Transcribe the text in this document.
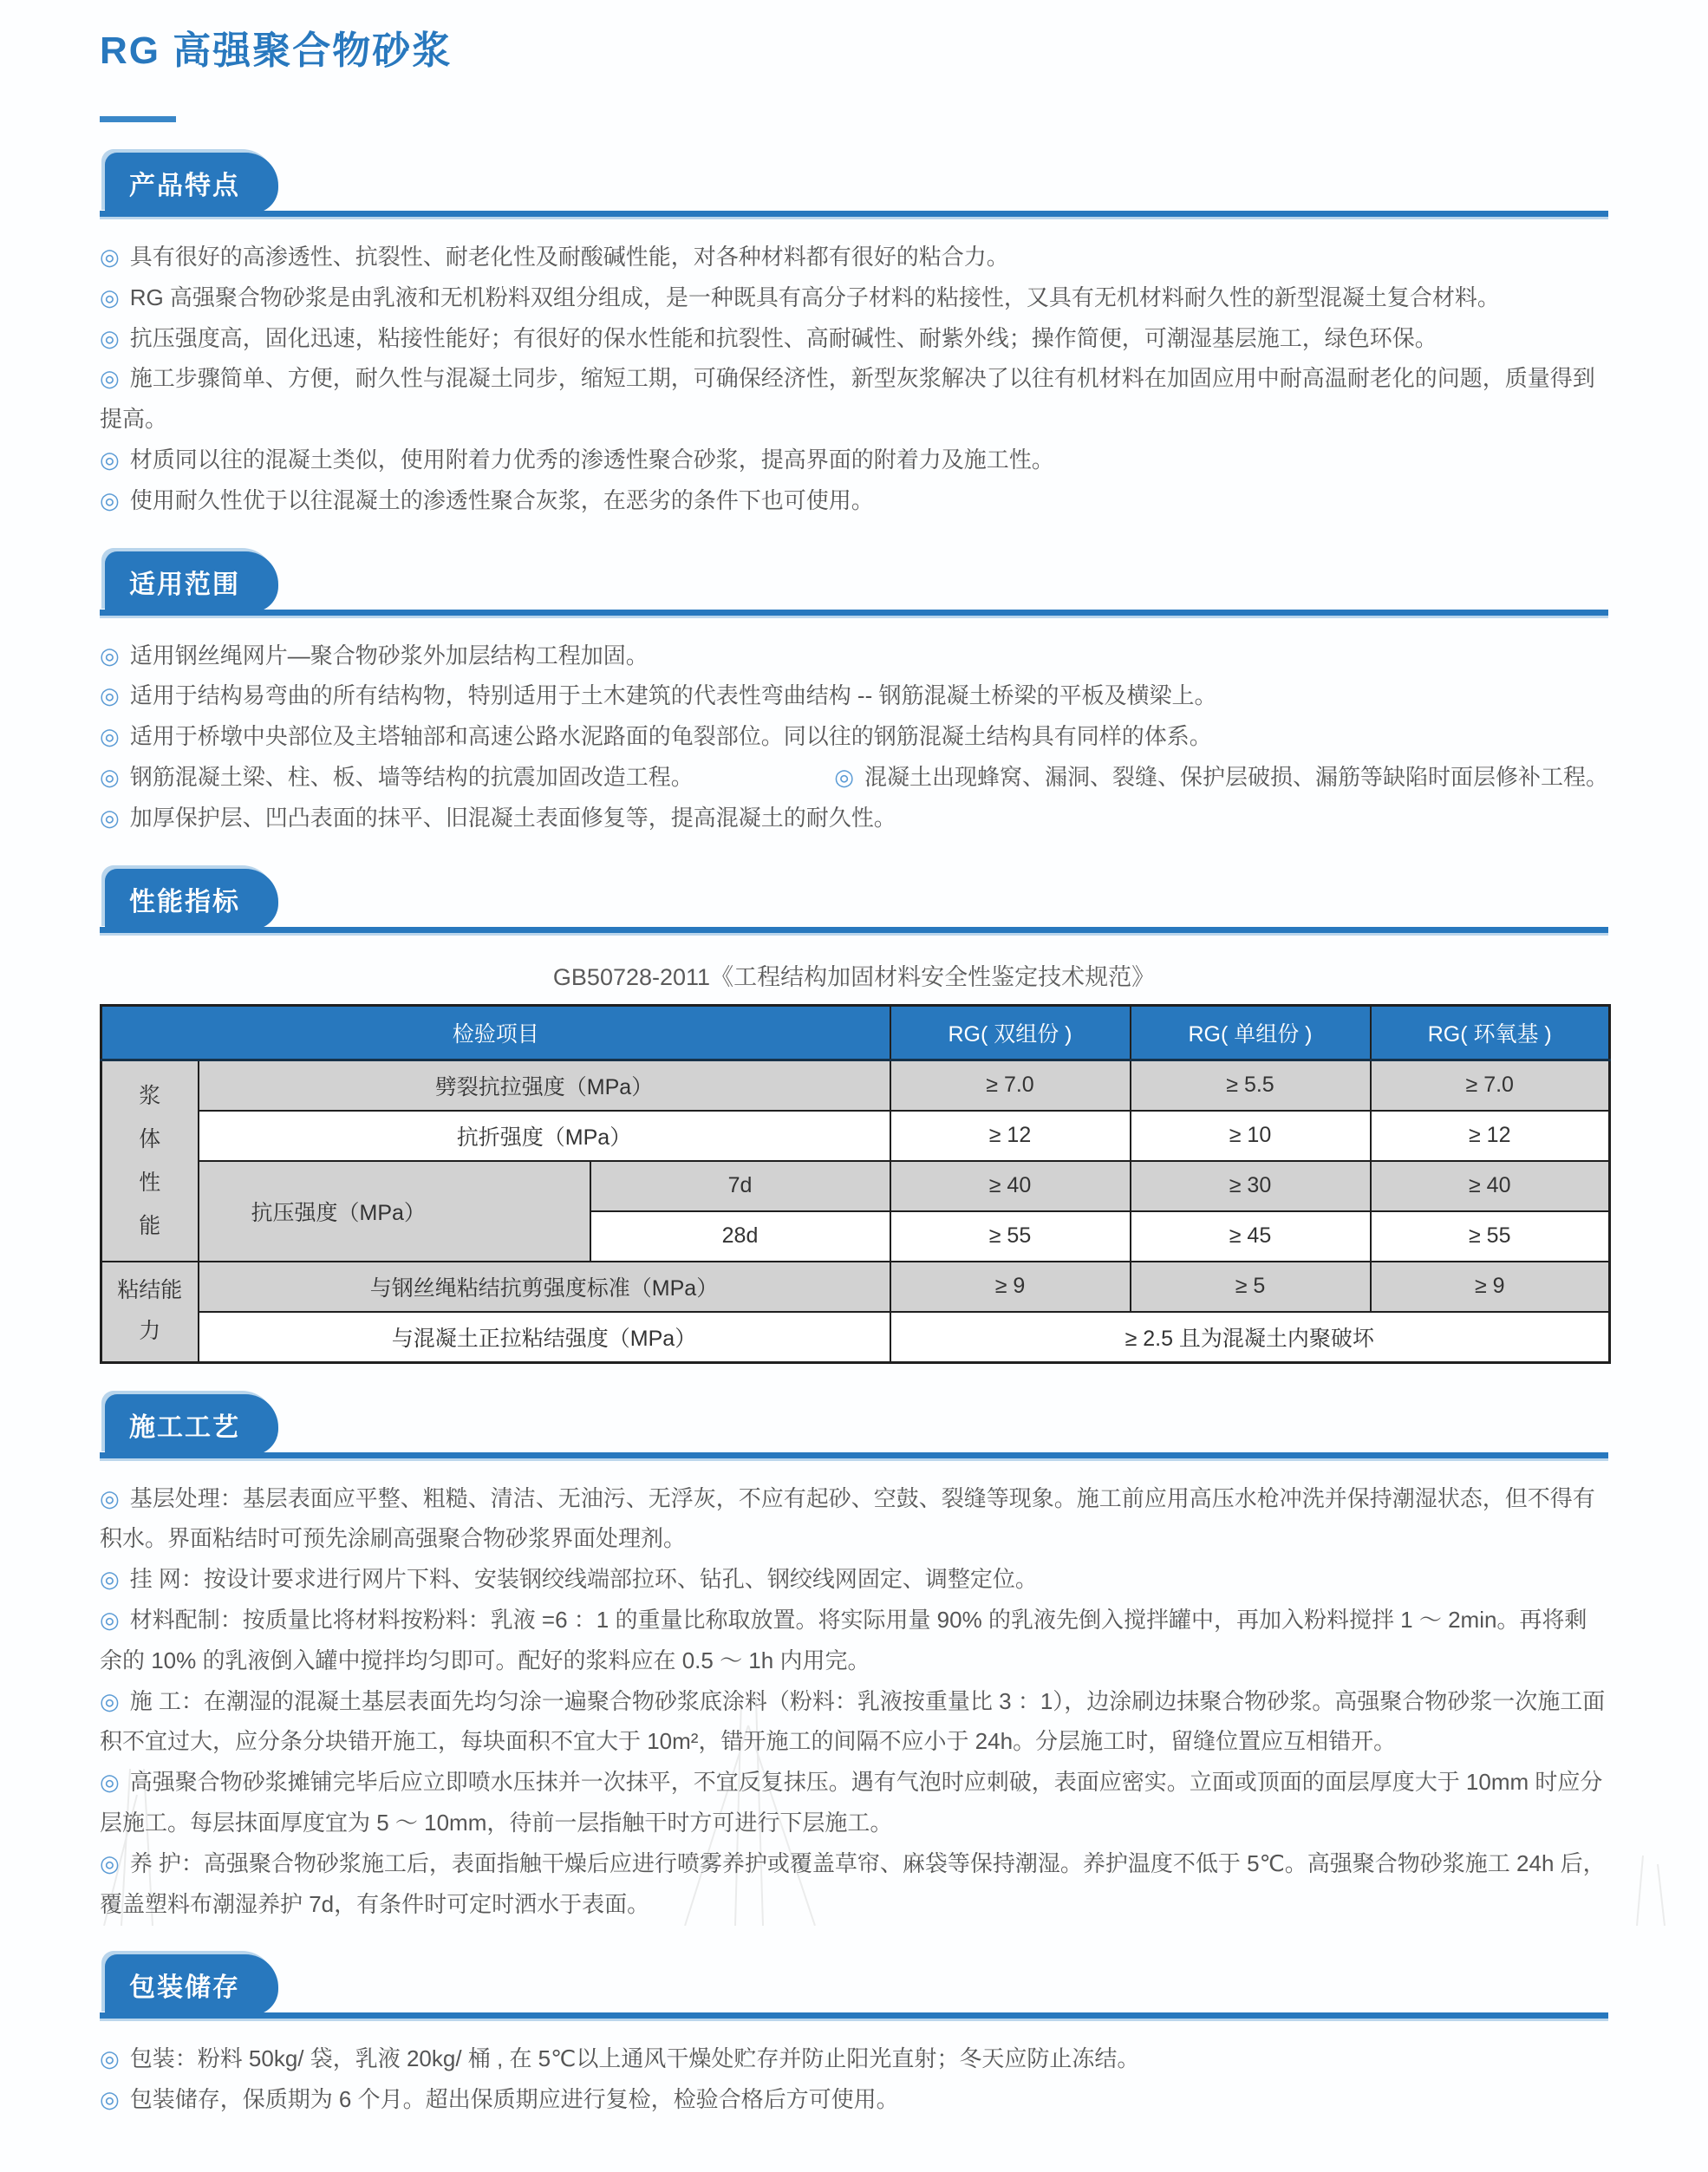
RG 高强聚合物砂浆
产品特点

◎ 具有很好的高渗透性、抗裂性、耐老化性及耐酸碱性能，对各种材料都有很好的粘合力。

◎ RG 高强聚合物砂浆是由乳液和无机粉料双组分组成，是一种既具有高分子材料的粘接性，又具有无机材料耐久性的新型混凝土复合材料。

◎ 抗压强度高，固化迅速，粘接性能好；有很好的保水性能和抗裂性、高耐碱性、耐紫外线；操作简便，可潮湿基层施工，绿色环保。

◎ 施工步骤简单、方便，耐久性与混凝土同步，缩短工期，可确保经济性，新型灰浆解决了以往有机材料在加固应用中耐高温耐老化的问题，质量得到提高。

◎ 材质同以往的混凝土类似，使用附着力优秀的渗透性聚合砂浆，提高界面的附着力及施工性。

◎ 使用耐久性优于以往混凝土的渗透性聚合灰浆，在恶劣的条件下也可使用。

适用范围

◎ 适用钢丝绳网片—聚合物砂浆外加层结构工程加固。

◎ 适用于结构易弯曲的所有结构物，特别适用于土木建筑的代表性弯曲结构 -- 钢筋混凝土桥梁的平板及横梁上。

◎ 适用于桥墩中央部位及主塔轴部和高速公路水泥路面的龟裂部位。同以往的钢筋混凝土结构具有同样的体系。

◎ 钢筋混凝土梁、柱、板、墙等结构的抗震加固改造工程。	◎ 混凝土出现蜂窝、漏洞、裂缝、保护层破损、漏筋等缺陷时面层修补工程。

◎ 加厚保护层、凹凸表面的抹平、旧混凝土表面修复等，提高混凝土的耐久性。

性能指标
GB50728-2011《工程结构加固材料安全性鉴定技术规范》
检验项目			RG( 双组份 )	RG( 单组份 )	RG( 环氧基 )
浆体性能	劈裂抗拉强度（MPa）		≥ 7.0	≥ 5.5	≥ 7.0
	抗折强度（MPa）		≥ 12	≥ 10	≥ 12
	抗压强度（MPa）	7d	≥ 40	≥ 30	≥ 40
		28d	≥ 55	≥ 45	≥ 55
粘结能力	与钢丝绳粘结抗剪强度标准（MPa）		≥ 9	≥ 5	≥ 9
	与混凝土正拉粘结强度（MPa）		≥ 2.5 且为混凝土内聚破坏		
施工工艺

◎ 基层处理：基层表面应平整、粗糙、清洁、无油污、无浮灰，不应有起砂、空鼓、裂缝等现象。施工前应用高压水枪冲洗并保持潮湿状态，但不得有积水。界面粘结时可预先涂刷高强聚合物砂浆界面处理剂。

◎ 挂 网：按设计要求进行网片下料、安装钢绞线端部拉环、钻孔、钢绞线网固定、调整定位。

◎ 材料配制：按质量比将材料按粉料：乳液 =6 ：1 的重量比称取放置。将实际用量 90% 的乳液先倒入搅拌罐中，再加入粉料搅拌 1 ～ 2min。再将剩余的 10% 的乳液倒入罐中搅拌均匀即可。配好的浆料应在 0.5 ～ 1h 内用完。

◎ 施 工：在潮湿的混凝土基层表面先均匀涂一遍聚合物砂浆底涂料（粉料：乳液按重量比 3 ：1），边涂刷边抹聚合物砂浆。高强聚合物砂浆一次施工面积不宜过大，应分条分块错开施工，每块面积不宜大于 10m²，错开施工的间隔不应小于 24h。分层施工时，留缝位置应互相错开。

◎ 高强聚合物砂浆摊铺完毕后应立即喷水压抹并一次抹平，不宜反复抹压。遇有气泡时应刺破，表面应密实。立面或顶面的面层厚度大于 10mm 时应分层施工。每层抹面厚度宜为 5 ～ 10mm，待前一层指触干时方可进行下层施工。

◎ 养 护：高强聚合物砂浆施工后，表面指触干燥后应进行喷雾养护或覆盖草帘、麻袋等保持潮湿。养护温度不低于 5℃。高强聚合物砂浆施工 24h 后，覆盖塑料布潮湿养护 7d，有条件时可定时洒水于表面。

包装储存

◎ 包装：粉料 50kg/ 袋，乳液 20kg/ 桶 , 在 5℃以上通风干燥处贮存并防止阳光直射；冬天应防止冻结。

◎ 包装储存，保质期为 6 个月。超出保质期应进行复检，检验合格后方可使用。
